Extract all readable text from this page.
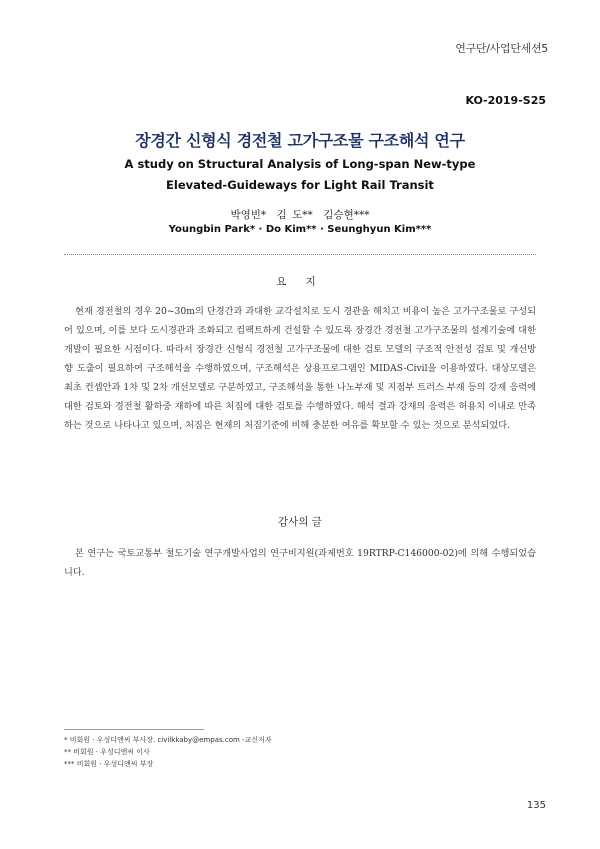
연구단/사업단세션5
KO-2019-S25
장경간 신형식 경전철 고가구조물 구조해석 연구
A study on Structural Analysis of Long-span New-type
Elevated-Guideways for Light Rail Transit
박영빈*　김 도**　김승현***
Youngbin Park* · Do Kim** · Seunghyun Kim***
요 지
현재 경전철의 경우 20~30m의 단경간과 과대한 교각설치로 도시 경관을 해치고 비용이 높은 고가구조물로 구성되어 있으며, 이를 보다 도시경관과 조화되고 컴팩트하게 건설할 수 있도록 장경간 경전철 고가구조물의 설계기술에 대한 개발이 필요한 시점이다. 따라서 장경간 신형식 경전철 고가구조물에 대한 검토 모델의 구조적 안전성 검토 및 개선방향 도출이 필요하여 구조해석을 수행하였으며, 구조해석은 상용프로그램인 MIDAS-Civil을 이용하였다. 대상모델은 최초 컨셉안과 1차 및 2차 개선모델로 구분하였고, 구조해석을 통한 나노부재 및 지점부 트러스 부재 등의 강재 응력에 대한 검토와 경전철 활하중 재하에 따른 처짐에 대한 검토를 수행하였다. 해석 결과 강재의 응력은 허용치 이내로 만족하는 것으로 나타나고 있으며, 처짐은 현재의 처짐기준에 비해 충분한 여유를 확보할 수 있는 것으로 분석되었다.
감사의 글
본 연구는 국토교통부 철도기술 연구개발사업의 연구비지원(과제번호 19RTRP-C146000-02)에 의해 수행되었습니다.
* 비회원 · 우성디앤씨 부사장. civilkkaby@empas.com -교신저자
** 비회원 · 우성디앤씨 이사
*** 비회원 · 우성디앤씨 부장
135
